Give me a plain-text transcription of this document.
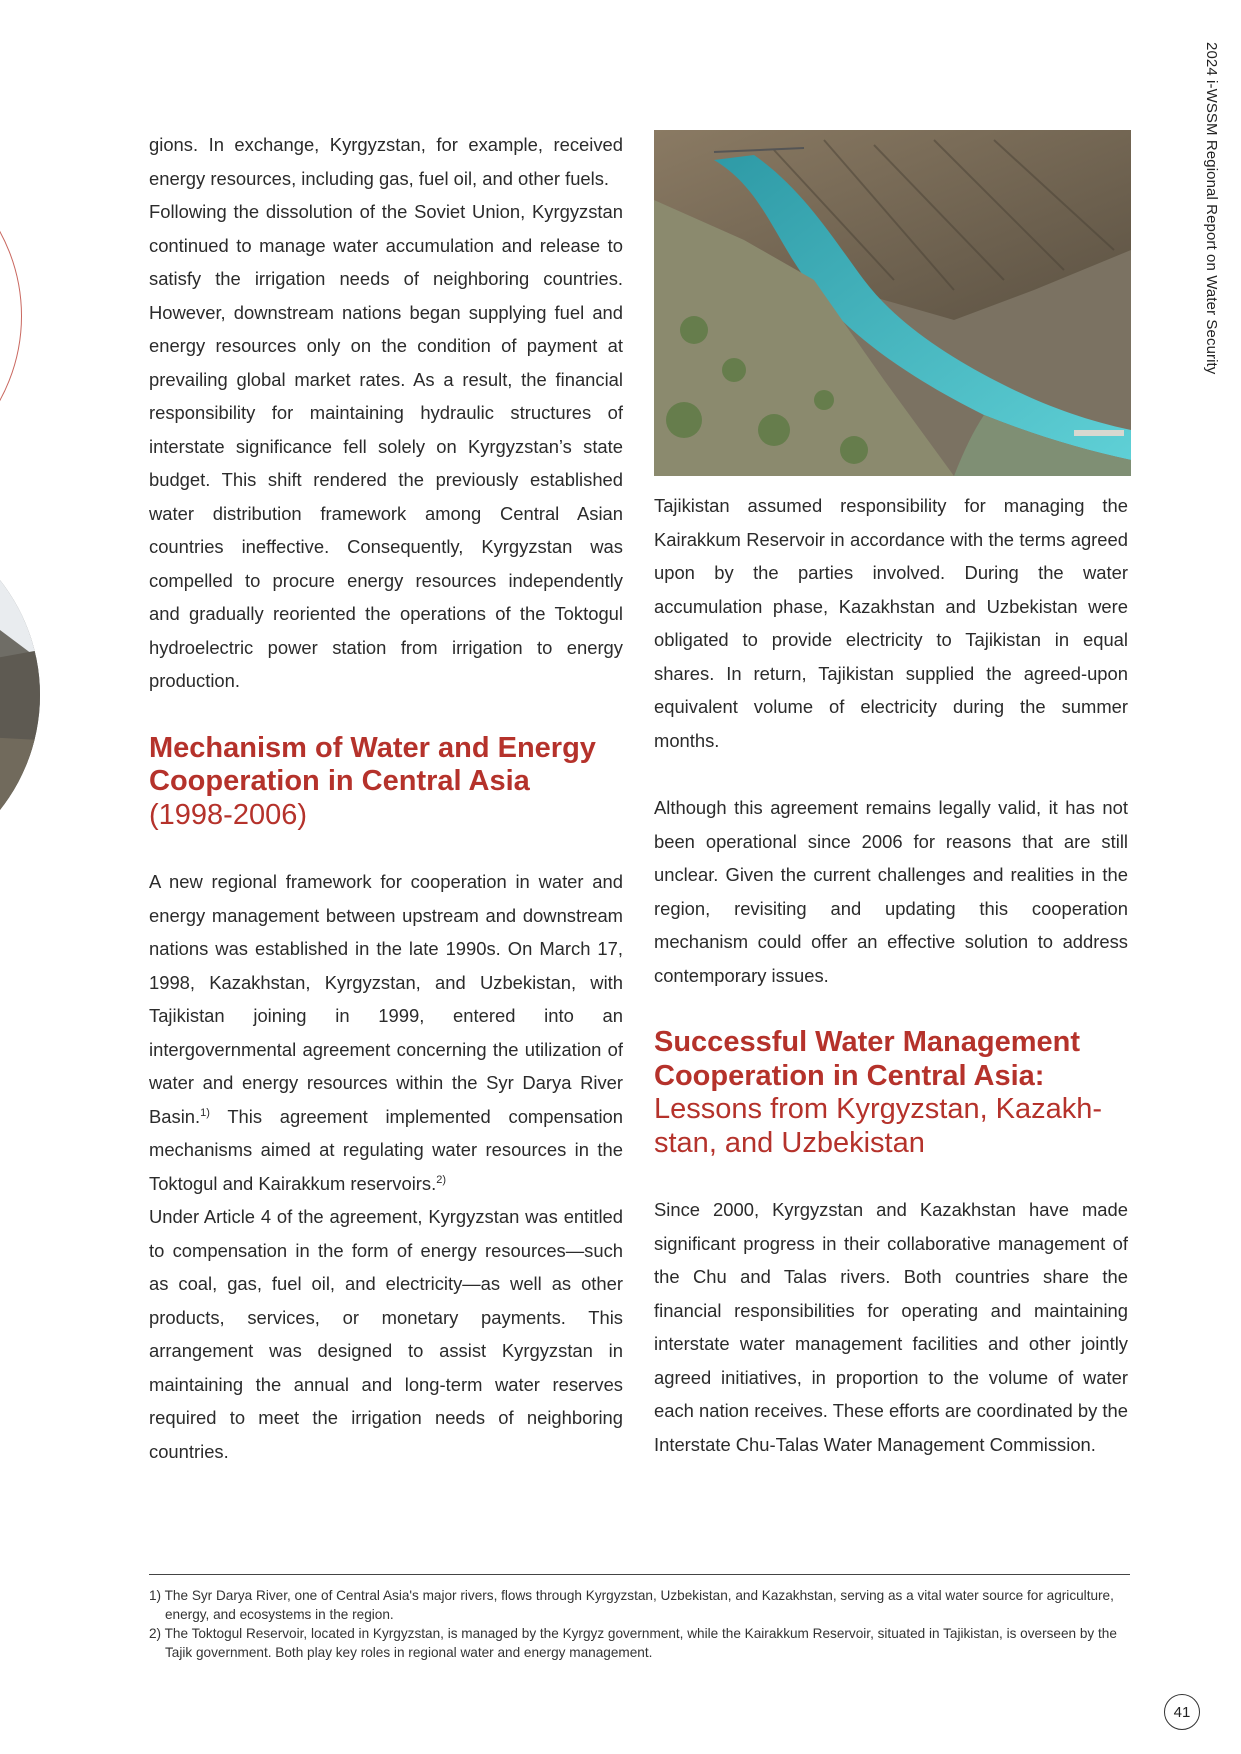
2024 i-WSSM Regional Report on Water Security

gions. In exchange, Kyrgyzstan, for example, received energy resources, including gas, fuel oil, and other fuels.

Following the dissolution of the Soviet Union, Kyrgyzstan continued to manage water accumulation and release to satisfy the irrigation needs of neighboring countries. However, downstream nations began supplying fuel and energy resources only on the condition of payment at prevailing global market rates. As a result, the financial responsibility for maintaining hydraulic structures of interstate significance fell solely on Kyrgyzstan’s state budget. This shift rendered the previously established water distribution framework among Central Asian countries ineffective. Consequently, Kyrgyzstan was compelled to procure energy resources independently and gradually reoriented the operations of the Toktogul hydroelectric power station from irrigation to energy production.

Mechanism of Water and Energy Cooperation in Central Asia
(1998-2006)

A new regional framework for cooperation in water and energy management between upstream and downstream nations was established in the late 1990s. On March 17, 1998, Kazakhstan, Kyrgyzstan, and Uzbekistan, with Tajikistan joining in 1999, entered into an intergovernmental agreement concerning the utilization of water and energy resources within the Syr Darya River Basin.$^{1)}$ This agreement implemented compensation mechanisms aimed at regulating water resources in the Toktogul and Kairakkum reservoirs.$^{2)}$

Under Article 4 of the agreement, Kyrgyzstan was entitled to compensation in the form of energy resources—such as coal, gas, fuel oil, and electricity—as well as other products, services, or monetary payments. This arrangement was designed to assist Kyrgyzstan in maintaining the annual and long-term water reserves required to meet the irrigation needs of neighboring countries.

Tajikistan assumed responsibility for managing the Kairakkum Reservoir in accordance with the terms agreed upon by the parties involved. During the water accumulation phase, Kazakhstan and Uzbekistan were obligated to provide electricity to Tajikistan in equal shares. In return, Tajikistan supplied the agreed-upon equivalent volume of electricity during the summer months.

Although this agreement remains legally valid, it has not been operational since 2006 for reasons that are still unclear. Given the current challenges and realities in the region, revisiting and updating this cooperation mechanism could offer an effective solution to address contemporary issues.

Successful Water Management Cooperation in Central Asia:
Lessons from Kyrgyzstan, Kazakhstan, and Uzbekistan

Since 2000, Kyrgyzstan and Kazakhstan have made significant progress in their collaborative management of the Chu and Talas rivers. Both countries share the financial responsibilities for operating and maintaining interstate water management facilities and other jointly agreed initiatives, in proportion to the volume of water each nation receives. These efforts are coordinated by the Interstate Chu-Talas Water Management Commission.

1) The Syr Darya River, one of Central Asia's major rivers, flows through Kyrgyzstan, Uzbekistan, and Kazakhstan, serving as a vital water source for agriculture, energy, and ecosystems in the region.

2) The Toktogul Reservoir, located in Kyrgyzstan, is managed by the Kyrgyz government, while the Kairakkum Reservoir, situated in Tajikistan, is overseen by the Tajik government. Both play key roles in regional water and energy management.

41
